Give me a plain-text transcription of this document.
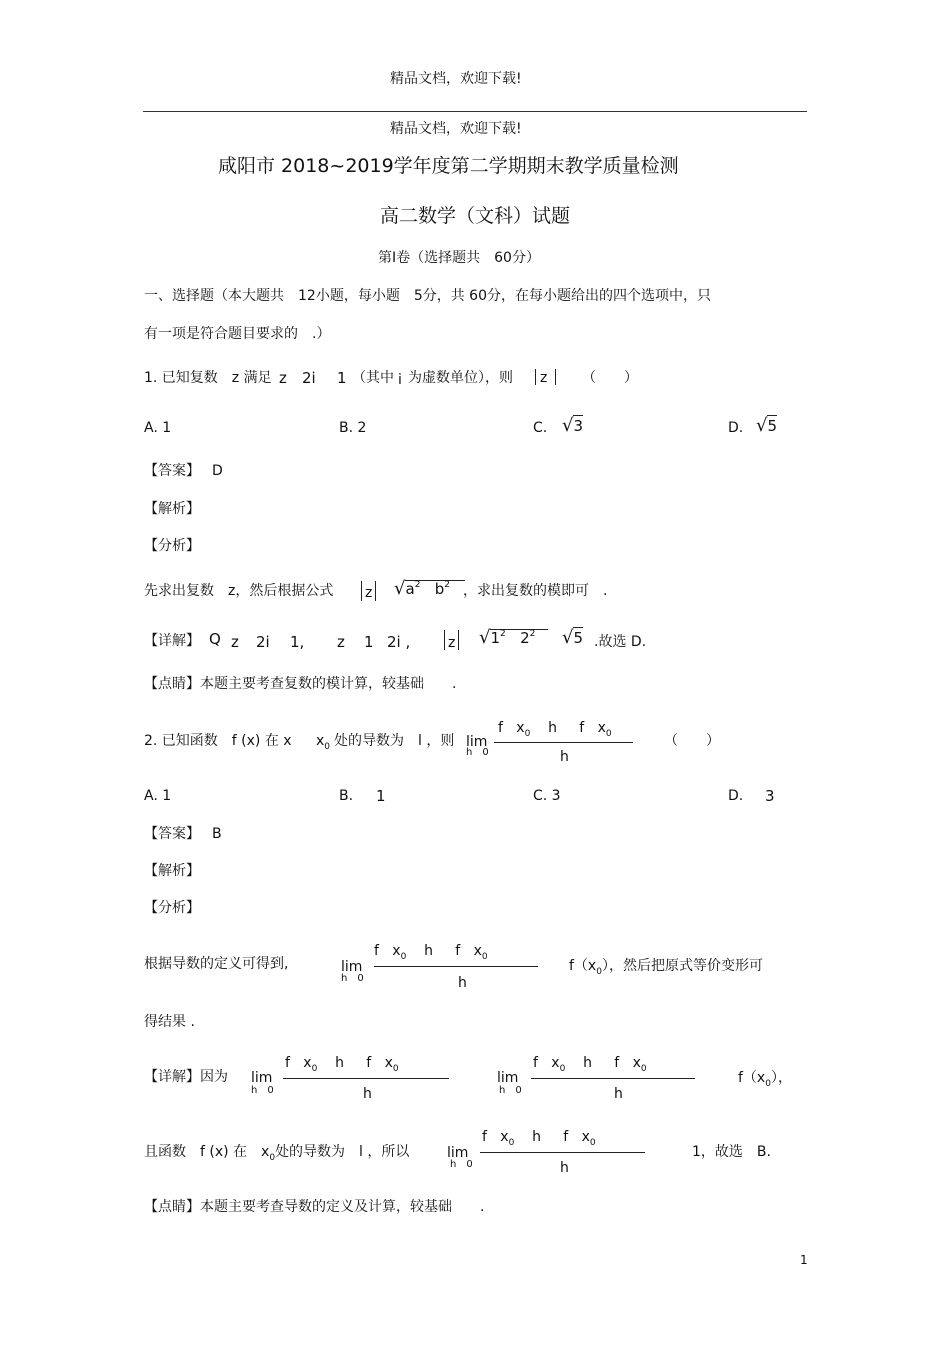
精品文档，欢迎下载!
精品文档，欢迎下载!
咸阳市 2018~2019学年度第二学期期末教学质量检测
高二数学（文科）试题
第Ⅰ卷（选择题共　60分）
一、选择题（本大题共　12小题，每小题　5分，共 60分，在每小题给出的四个选项中，只
有一项是符合题目要求的　.）
1. 已知复数　z 满足 z 2i 1 （其中 i 为虚数单位），则 z （　　）
A. 1	B. 2	C. √3	D. √5
【答案】 D
【解析】
【分析】
先求出复数　z，然后根据公式 z $√a^2$ $b^2$ ，求出复数的模即可　.
【详解】 Q z 2i 1, z 1 2i ,	z $√1^2$ $2^2$	√5 .故选 D.
【点睛】本题主要考查复数的模计算，较基础　　.
2. 已知函数　f (x) 在 x $x_0$ 处的导数为　l ，则 lim
h　0
f $x_0$ h f $x_0$
h
（　　）
A. 1	B. 1	C. 3	D. 3
【答案】 B
【解析】
【分析】
根据导数的定义可得到,	lim
h　0
f $x_0$ h f $x_0$
h
$f(x_0)$，然后把原式等价变形可
得结果 .
【详解】因为 lim
h　0
f $x_0$ h f $x_0$
h
lim
h　0
f $x_0$ h f $x_0$
h
$f(x_0)$，
且函数　f (x) 在　$x_0$处的导数为　l ，所以	lim
h　0
f $x_0$ h f $x_0$
h
1，故选　B.
【点睛】本题主要考查导数的定义及计算，较基础　　.
1
